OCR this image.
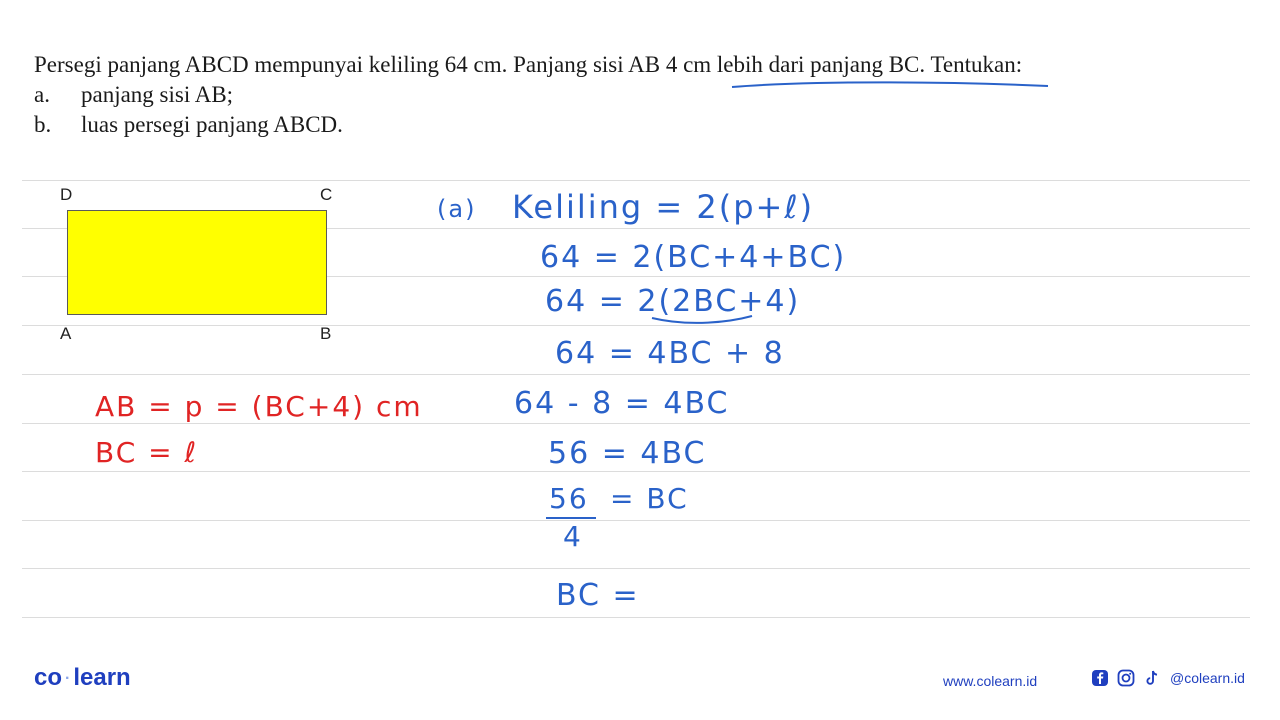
Persegi panjang ABCD mempunyai keliling 64 cm. Panjang sisi AB 4 cm lebih dari panjang BC. Tentukan:
a.	panjang sisi AB;
b.	luas persegi panjang ABCD.
D	C
A	B
AB = p = (BC+4) cm
BC = ℓ
(a) Keliling = 2(p+ℓ)
64 = 2(BC+4+BC)
64 = 2(2BC+4)
64 = 4BC + 8
64 - 8 = 4BC
56 = 4BC
56 = BC
4
BC =
co · learn	www.colearn.id	@colearn.id
